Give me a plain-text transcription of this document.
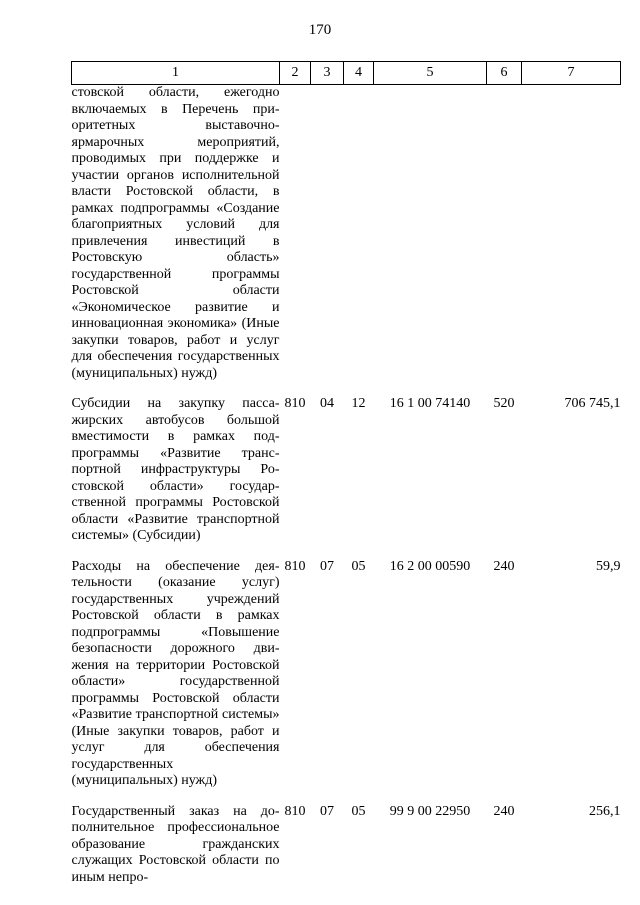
170
1	2	3	4	5	6	7
стовской области, ежегодно включаемых в Перечень приоритетных выставочно-ярмарочных мероприятий, проводимых при поддержке и участии органов исполнительной власти Ростовской области, в рамках подпрограммы «Создание благоприятных условий для привлечения инвестиций в Ростовскую область» государственной программы Ростовской области «Экономическое развитие и инновационная экономика» (Иные закупки товаров, работ и услуг для обеспечения государственных (муниципальных) нужд)						
Субсидии на закупку пассажирских автобусов большой вместимости в рамках подпрограммы «Развитие транспортной инфраструктуры Ростовской области» государственной программы Ростовской области «Развитие транспортной системы» (Субсидии)	810	04	12	16 1 00 74140	520	706 745,1
Расходы на обеспечение деятельности (оказание услуг) государственных учреждений Ростовской области в рамках подпрограммы «Повышение безопасности дорожного движения на территории Ростовской области» государственной программы Ростовской области «Развитие транспортной системы» (Иные закупки товаров, работ и услуг для обеспечения государственных (муниципальных) нужд)	810	07	05	16 2 00 00590	240	59,9
Государственный заказ на дополнительное профессиональное образование гражданских служащих Ростовской области по иным непро-	810	07	05	99 9 00 22950	240	256,1
